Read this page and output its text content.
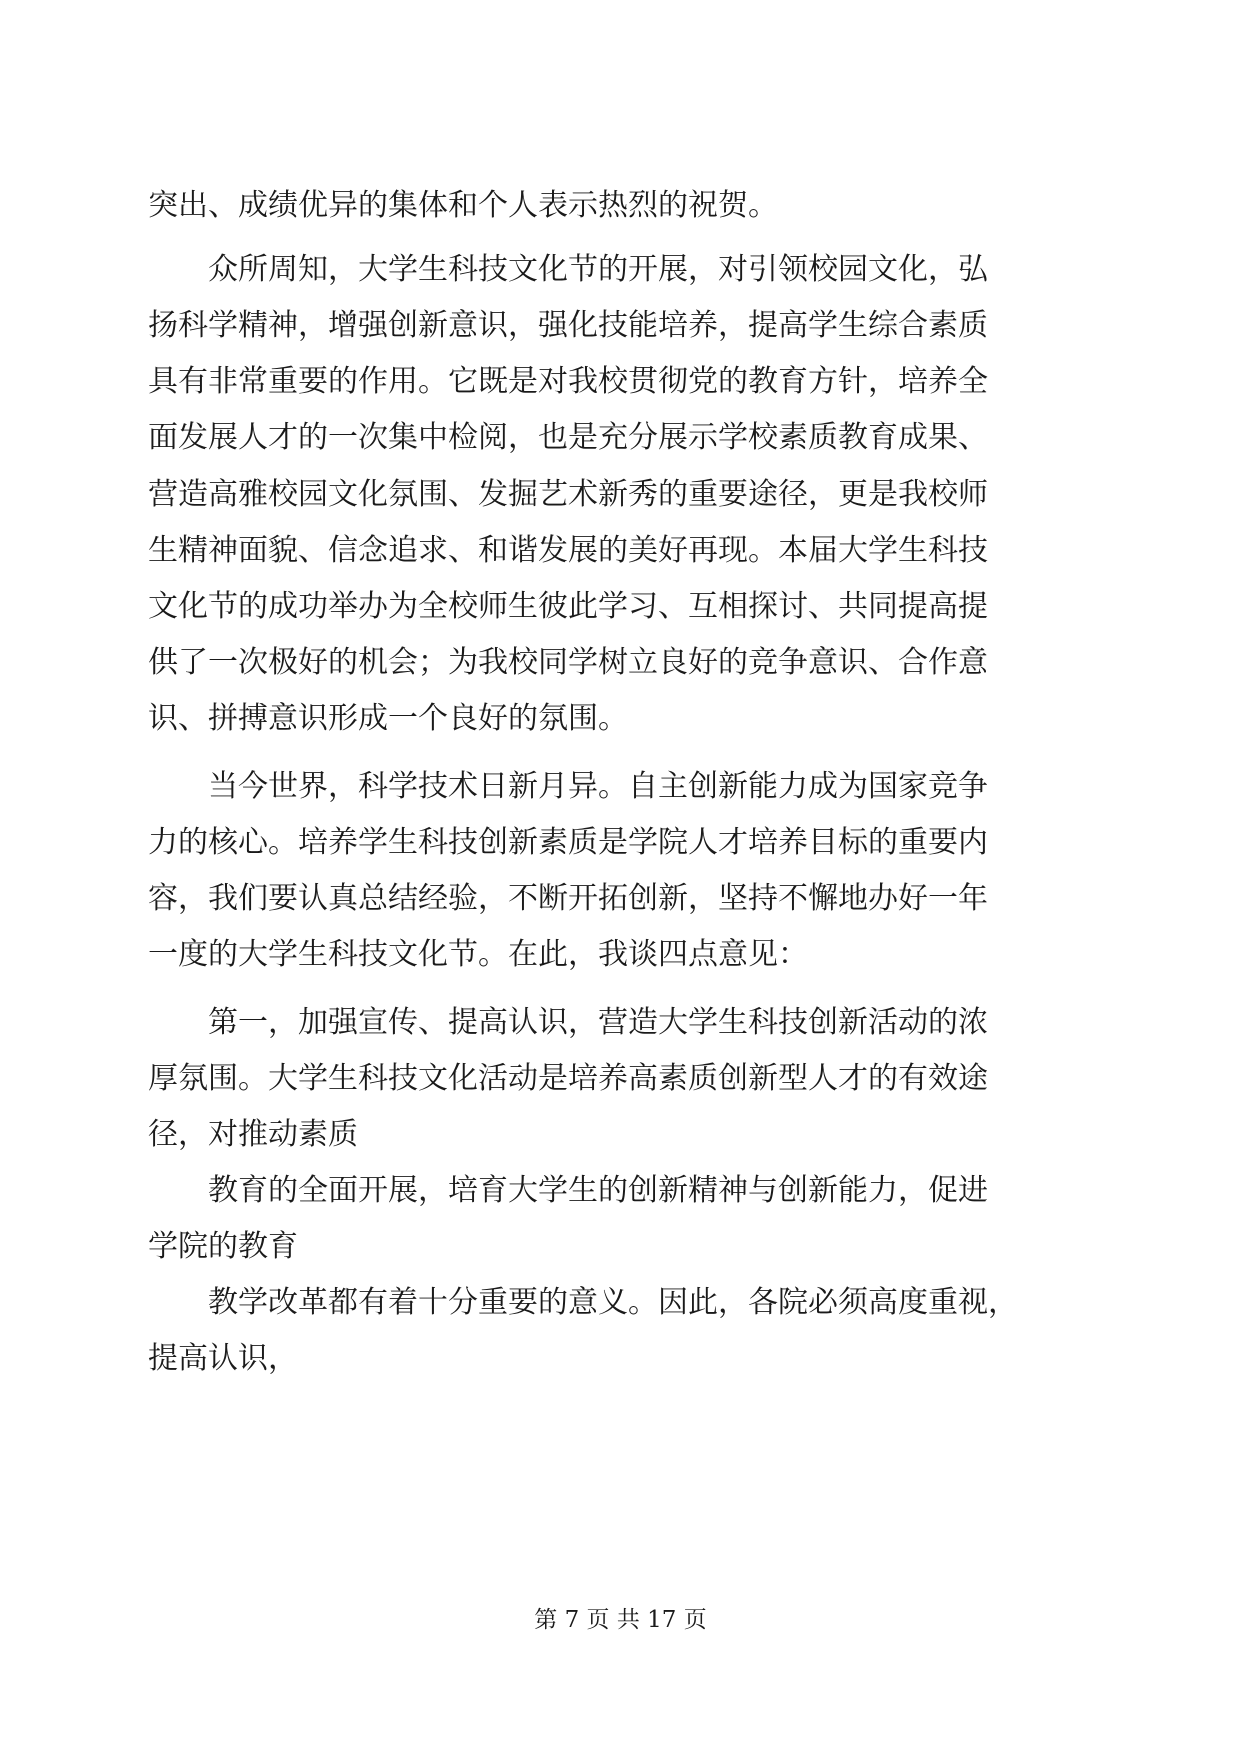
突出、成绩优异的集体和个人表示热烈的祝贺。
众 所 周 知 ， 大 学 生 科 技 文 化 节 的 开 展 ， 对 引 领 校 园 文 化 ， 弘
扬 科 学 精 神 ， 增 强 创 新 意 识 ， 强 化 技 能 培 养 ， 提 高 学 生 综 合 素 质
具 有 非 常 重 要 的 作 用 。 它 既 是 对 我 校 贯 彻 党 的 教 育 方 针 ， 培 养 全
面 发 展 人 才 的 一 次 集 中 检 阅 ， 也 是 充 分 展 示 学 校 素 质 教 育 成 果 、
营 造 高 雅 校 园 文 化 氛 围 、 发 掘 艺 术 新 秀 的 重 要 途 径 ， 更 是 我 校 师
生 精 神 面 貌 、 信 念 追 求 、 和 谐 发 展 的 美 好 再 现 。 本 届 大 学 生 科 技
文 化 节 的 成 功 举 办 为 全 校 师 生 彼 此 学 习 、 互 相 探 讨 、 共 同 提 高 提
供 了 一 次 极 好 的 机 会 ； 为 我 校 同 学 树 立 良 好 的 竞 争 意 识 、 合 作 意
识、拼搏意识形成一个良好的氛围。
当 今 世 界 ， 科 学 技 术 日 新 月 异 。 自 主 创 新 能 力 成 为 国 家 竞 争
力 的 核 心 。 培 养 学 生 科 技 创 新 素 质 是 学 院 人 才 培 养 目 标 的 重 要 内
容 ， 我 们 要 认 真 总 结 经 验 ， 不 断 开 拓 创 新 ， 坚 持 不 懈 地 办 好 一 年
一度的大学生科技文化节。在此，我谈四点意见：
第 一 ， 加 强 宣 传 、 提 高 认 识 ， 营 造 大 学 生 科 技 创 新 活 动 的 浓
厚 氛 围 。 大 学 生 科 技 文 化 活 动 是 培 养 高 素 质 创 新 型 人 才 的 有 效 途
径，对推动素质
教 育 的 全 面 开 展 ， 培 育 大 学 生 的 创 新 精 神 与 创 新 能 力 ， 促 进
学院的教育
教 学 改 革 都 有 着 十 分 重 要 的 意 义 。 因 此 ， 各 院 必 须 高 度 重 视 ，
提高认识，
第 7 页 共 17 页
